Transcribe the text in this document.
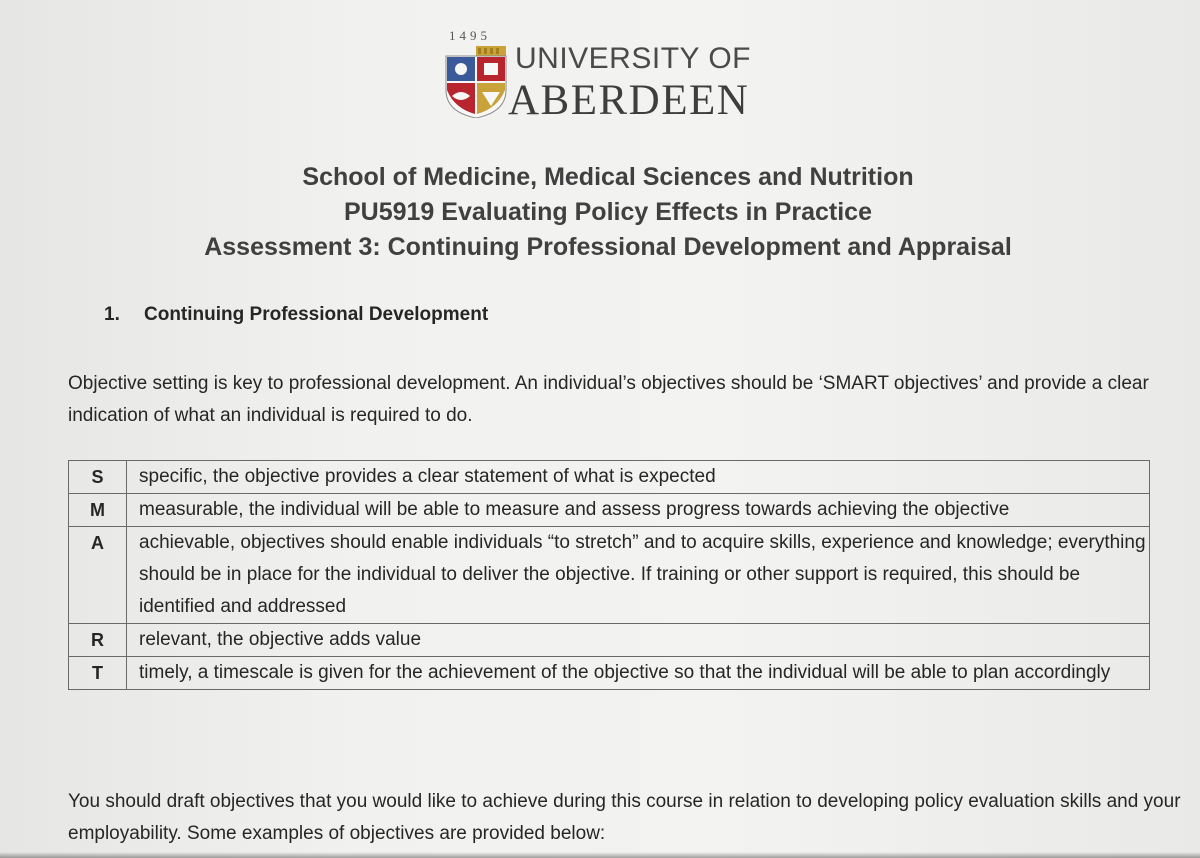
1495
UNIVERSITY OF
ABERDEEN
School of Medicine, Medical Sciences and Nutrition
PU5919 Evaluating Policy Effects in Practice
Assessment 3: Continuing Professional Development and Appraisal
1. Continuing Professional Development
Objective setting is key to professional development. An individual’s objectives should be ‘SMART objectives’ and provide a clear indication of what an individual is required to do.
S	specific, the objective provides a clear statement of what is expected
M	measurable, the individual will be able to measure and assess progress towards achieving the objective
A	achievable, objectives should enable individuals “to stretch” and to acquire skills, experience and knowledge; everything should be in place for the individual to deliver the objective. If training or other support is required, this should be identified and addressed
R	relevant, the objective adds value
T	timely, a timescale is given for the achievement of the objective so that the individual will be able to plan accordingly
You should draft objectives that you would like to achieve during this course in relation to developing policy evaluation skills and your employability. Some examples of objectives are provided below:
